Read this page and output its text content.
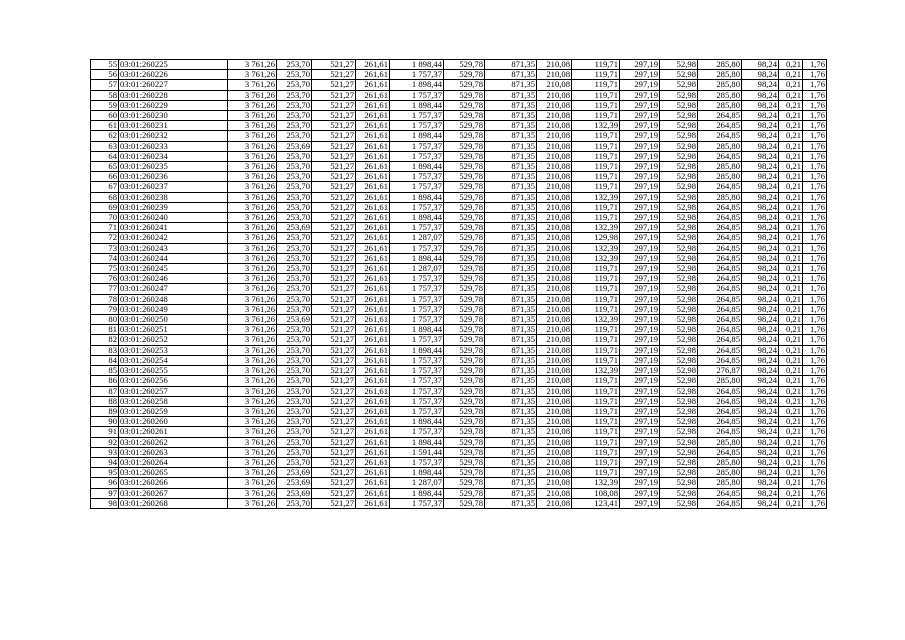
55	03:01:260225	3 761,26	253,70	521,27	261,61	1 898,44	529,78	871,35	210,08	119,71	297,19	52,98	285,80	98,24	0,21	1,76
56	03:01:260226	3 761,26	253,70	521,27	261,61	1 757,37	529,78	871,35	210,08	119,71	297,19	52,98	285,80	98,24	0,21	1,76
57	03:01:260227	3 761,26	253,70	521,27	261,61	1 898,44	529,78	871,35	210,08	119,71	297,19	52,98	285,80	98,24	0,21	1,76
58	03:01:260228	3 761,26	253,70	521,27	261,61	1 757,37	529,78	871,35	210,08	119,71	297,19	52,98	285,80	98,24	0,21	1,76
59	03:01:260229	3 761,26	253,70	521,27	261,61	1 898,44	529,78	871,35	210,08	119,71	297,19	52,98	285,80	98,24	0,21	1,76
60	03:01:260230	3 761,26	253,70	521,27	261,61	1 757,37	529,78	871,35	210,08	119,71	297,19	52,98	264,85	98,24	0,21	1,76
61	03:01:260231	3 761,26	253,70	521,27	261,61	1 757,37	529,78	871,35	210,08	132,39	297,19	52,98	264,85	98,24	0,21	1,76
62	03:01:260232	3 761,26	253,70	521,27	261,61	1 898,44	529,78	871,35	210,08	119,71	297,19	52,98	264,85	98,24	0,21	1,76
63	03:01:260233	3 761,26	253,69	521,27	261,61	1 757,37	529,78	871,35	210,08	119,71	297,19	52,98	285,80	98,24	0,21	1,76
64	03:01:260234	3 761,26	253,70	521,27	261,61	1 757,37	529,78	871,35	210,08	119,71	297,19	52,98	264,85	98,24	0,21	1,76
65	03:01:260235	3 761,26	253,70	521,27	261,61	1 898,44	529,78	871,35	210,08	119,71	297,19	52,98	285,80	98,24	0,21	1,76
66	03:01:260236	3 761,26	253,70	521,27	261,61	1 757,37	529,78	871,35	210,08	119,71	297,19	52,98	285,80	98,24	0,21	1,76
67	03:01:260237	3 761,26	253,70	521,27	261,61	1 757,37	529,78	871,35	210,08	119,71	297,19	52,98	264,85	98,24	0,21	1,76
68	03:01:260238	3 761,26	253,70	521,27	261,61	1 898,44	529,78	871,35	210,08	132,39	297,19	52,98	285,80	98,24	0,21	1,76
69	03:01:260239	3 761,26	253,70	521,27	261,61	1 757,37	529,78	871,35	210,08	119,71	297,19	52,98	264,85	98,24	0,21	1,76
70	03:01:260240	3 761,26	253,70	521,27	261,61	1 898,44	529,78	871,35	210,08	119,71	297,19	52,98	264,85	98,24	0,21	1,76
71	03:01:260241	3 761,26	253,69	521,27	261,61	1 757,37	529,78	871,35	210,08	132,39	297,19	52,98	264,85	98,24	0,21	1,76
72	03:01:260242	3 761,26	253,70	521,27	261,61	1 287,07	529,78	871,35	210,08	129,98	297,19	52,98	264,85	98,24	0,21	1,76
73	03:01:260243	3 761,26	253,70	521,27	261,61	1 757,37	529,78	871,35	210,08	132,39	297,19	52,98	264,85	98,24	0,21	1,76
74	03:01:260244	3 761,26	253,70	521,27	261,61	1 898,44	529,78	871,35	210,08	132,39	297,19	52,98	264,85	98,24	0,21	1,76
75	03:01:260245	3 761,26	253,70	521,27	261,61	1 287,07	529,78	871,35	210,08	119,71	297,19	52,98	264,85	98,24	0,21	1,76
76	03:01:260246	3 761,26	253,70	521,27	261,61	1 757,37	529,78	871,35	210,08	119,71	297,19	52,98	264,85	98,24	0,21	1,76
77	03:01:260247	3 761,26	253,70	521,27	261,61	1 757,37	529,78	871,35	210,08	119,71	297,19	52,98	264,85	98,24	0,21	1,76
78	03:01:260248	3 761,26	253,70	521,27	261,61	1 757,37	529,78	871,35	210,08	119,71	297,19	52,98	264,85	98,24	0,21	1,76
79	03:01:260249	3 761,26	253,70	521,27	261,61	1 757,37	529,78	871,35	210,08	119,71	297,19	52,98	264,85	98,24	0,21	1,76
80	03:01:260250	3 761,26	253,69	521,27	261,61	1 757,37	529,78	871,35	210,08	132,39	297,19	52,98	264,85	98,24	0,21	1,76
81	03:01:260251	3 761,26	253,70	521,27	261,61	1 898,44	529,78	871,35	210,08	119,71	297,19	52,98	264,85	98,24	0,21	1,76
82	03:01:260252	3 761,26	253,70	521,27	261,61	1 757,37	529,78	871,35	210,08	119,71	297,19	52,98	264,85	98,24	0,21	1,76
83	03:01:260253	3 761,26	253,70	521,27	261,61	1 898,44	529,78	871,35	210,08	119,71	297,19	52,98	264,85	98,24	0,21	1,76
84	03:01:260254	3 761,26	253,70	521,27	261,61	1 757,37	529,78	871,35	210,08	119,71	297,19	52,98	264,85	98,24	0,21	1,76
85	03:01:260255	3 761,26	253,70	521,27	261,61	1 757,37	529,78	871,35	210,08	132,39	297,19	52,98	276,87	98,24	0,21	1,76
86	03:01:260256	3 761,26	253,70	521,27	261,61	1 757,37	529,78	871,35	210,08	119,71	297,19	52,98	285,80	98,24	0,21	1,76
87	03:01:260257	3 761,26	253,70	521,27	261,61	1 757,37	529,78	871,35	210,08	119,71	297,19	52,98	264,85	98,24	0,21	1,76
88	03:01:260258	3 761,26	253,70	521,27	261,61	1 757,37	529,78	871,35	210,08	119,71	297,19	52,98	264,85	98,24	0,21	1,76
89	03:01:260259	3 761,26	253,70	521,27	261,61	1 757,37	529,78	871,35	210,08	119,71	297,19	52,98	264,85	98,24	0,21	1,76
90	03:01:260260	3 761,26	253,70	521,27	261,61	1 898,44	529,78	871,35	210,08	119,71	297,19	52,98	264,85	98,24	0,21	1,76
91	03:01:260261	3 761,26	253,70	521,27	261,61	1 757,37	529,78	871,35	210,08	119,71	297,19	52,98	264,85	98,24	0,21	1,76
92	03:01:260262	3 761,26	253,70	521,27	261,61	1 898,44	529,78	871,35	210,08	119,71	297,19	52,98	285,80	98,24	0,21	1,76
93	03:01:260263	3 761,26	253,70	521,27	261,61	1 591,44	529,78	871,35	210,08	119,71	297,19	52,98	264,85	98,24	0,21	1,76
94	03:01:260264	3 761,26	253,70	521,27	261,61	1 757,37	529,78	871,35	210,08	119,71	297,19	52,98	285,80	98,24	0,21	1,76
95	03:01:260265	3 761,26	253,69	521,27	261,61	1 898,44	529,78	871,35	210,08	119,71	297,19	52,98	285,80	98,24	0,21	1,76
96	03:01:260266	3 761,26	253,69	521,27	261,61	1 287,07	529,78	871,35	210,08	132,39	297,19	52,98	285,80	98,24	0,21	1,76
97	03:01:260267	3 761,26	253,69	521,27	261,61	1 898,44	529,78	871,35	210,08	108,08	297,19	52,98	264,85	98,24	0,21	1,76
98	03:01:260268	3 761,26	253,70	521,27	261,61	1 757,37	529,78	871,35	210,08	123,41	297,19	52,98	264,85	98,24	0,21	1,76
